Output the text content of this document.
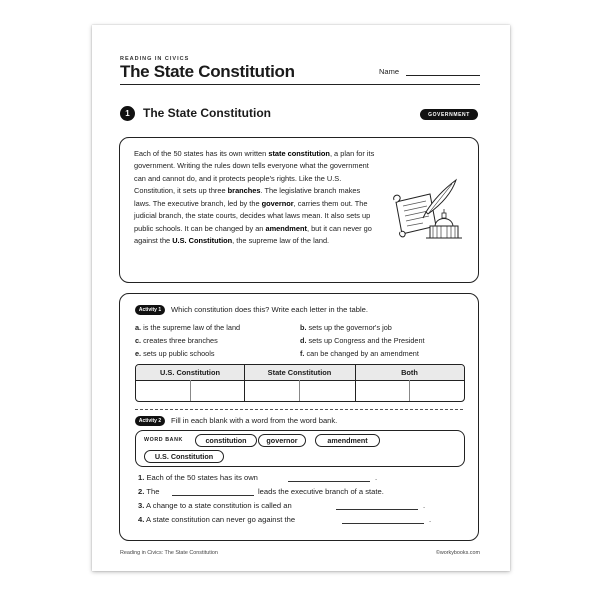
READING IN CIVICS
The State Constitution	Name
1	The State Constitution	GOVERNMENT
Each of the 50 states has its own written state constitution, a plan for its government. Writing the rules down tells everyone what the government can and cannot do, and it protects people's rights. Like the U.S. Constitution, it sets up three branches. The legislative branch makes laws. The executive branch, led by the governor, carries them out. The judicial branch, the state courts, decides what laws mean. It also sets up public schools. It can be changed by an amendment, but it can never go against the U.S. Constitution, the supreme law of the land.
Activity 1	Which constitution does this? Write each letter in the table.
a. is the supreme law of the land	b. sets up the governor's job
c. creates three branches	d. sets up Congress and the President
e. sets up public schools	f. can be changed by an amendment
U.S. Constitution	State Constitution	Both
Activity 2	Fill in each blank with a word from the word bank.
WORD BANK	constitution	governor	amendment
U.S. Constitution
1. Each of the 50 states has its own	.
2. The	leads the executive branch of a state.
3. A change to a state constitution is called an	.
4. A state constitution can never go against the	.
Reading in Civics: The State Constitution	©workybooks.com
